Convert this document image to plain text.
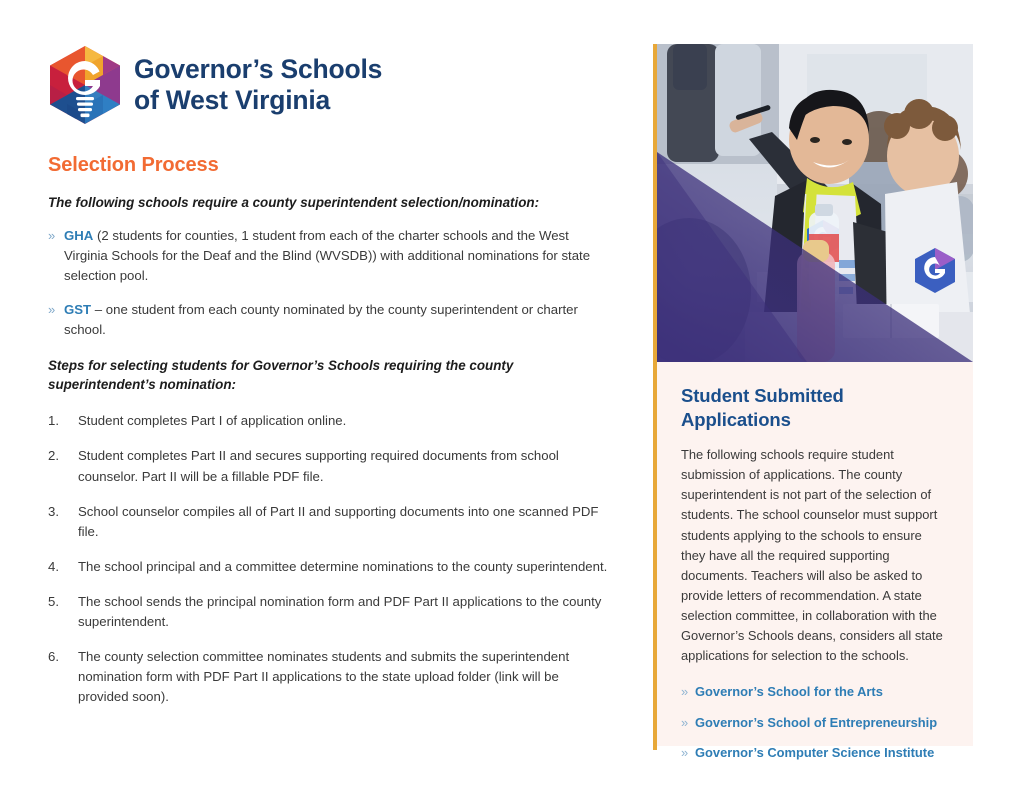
Governor’s Schools
of West Virginia
Selection Process
The following schools require a county superintendent selection/nomination:
» GHA (2 students for counties, 1 student from each of the charter schools and the West Virginia Schools for the Deaf and the Blind (WVSDB)) with additional nominations for state selection pool.
» GST – one student from each county nominated by the county superintendent or charter school.
Steps for selecting students for Governor’s Schools requiring the county superintendent’s nomination:
1.	Student completes Part I of application online.
2.	Student completes Part II and secures supporting required documents from school counselor. Part II will be a fillable PDF file.
3.	School counselor compiles all of Part II and supporting documents into one scanned PDF file.
4.	The school principal and a committee determine nominations to the county superintendent.
5.	The school sends the principal nomination form and PDF Part II applications to the county superintendent.
6.	The county selection committee nominates students and submits the superintendent nomination form with PDF Part II applications to the state upload folder (link will be provided soon).
Student Submitted Applications
The following schools require student submission of applications. The county superintendent is not part of the selection of students. The school counselor must support students applying to the schools to ensure they have all the required supporting documents. Teachers will also be asked to provide letters of recommendation. A state selection committee, in collaboration with the Governor’s Schools deans, considers all state applications for selection to the schools.
» Governor’s School for the Arts
» Governor’s School of Entrepreneurship
» Governor’s Computer Science Institute
